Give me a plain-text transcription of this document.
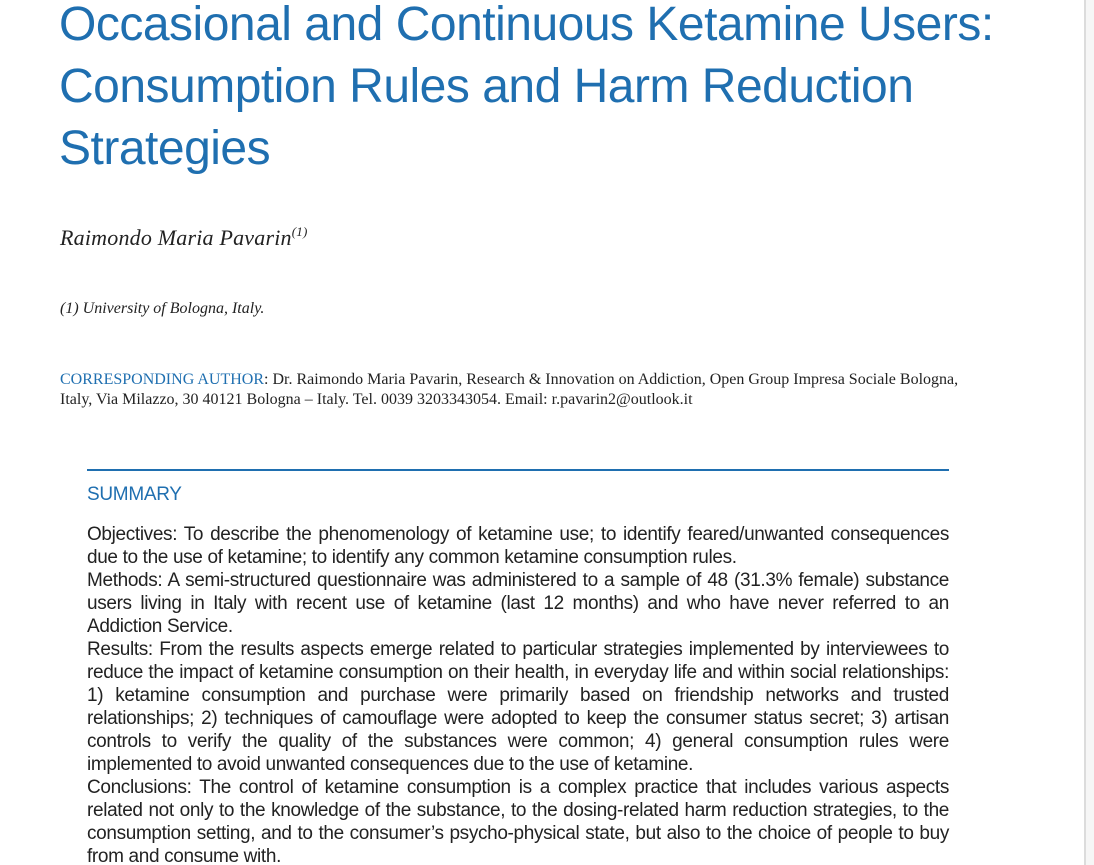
Occasional and Continuous Ketamine Users: Consumption Rules and Harm Reduction Strategies

Raimondo Maria Pavarin$^{(1)}$

(1) University of Bologna, Italy.

CORRESPONDING AUTHOR: Dr. Raimondo Maria Pavarin, Research & Innovation on Addiction, Open Group Impresa Sociale Bologna, Italy, Via Milazzo, 30 40121 Bologna – Italy. Tel. 0039 3203343054. Email: r.pavarin2@outlook.it

SUMMARY

Objectives: To describe the phenomenology of ketamine use; to identify feared/unwanted consequences due to the use of ketamine; to identify any common ketamine consumption rules.

Methods: A semi-structured questionnaire was administered to a sample of 48 (31.3% female) substance users living in Italy with recent use of ketamine (last 12 months) and who have never referred to an Addiction Service.

Results: From the results aspects emerge related to particular strategies implemented by interviewees to reduce the impact of ketamine consumption on their health, in everyday life and within social relationships: 1) ketamine consumption and purchase were primarily based on friendship networks and trusted relationships; 2) techniques of camouflage were adopted to keep the consumer status secret; 3) artisan controls to verify the quality of the substances were common; 4) general consumption rules were implemented to avoid unwanted consequences due to the use of ketamine.

Conclusions: The control of ketamine consumption is a complex practice that includes various aspects related not only to the knowledge of the substance, to the dosing-related harm reduction strategies, to the consumption setting, and to the consumer’s psycho-physical state, but also to the choice of people to buy from and consume with.
